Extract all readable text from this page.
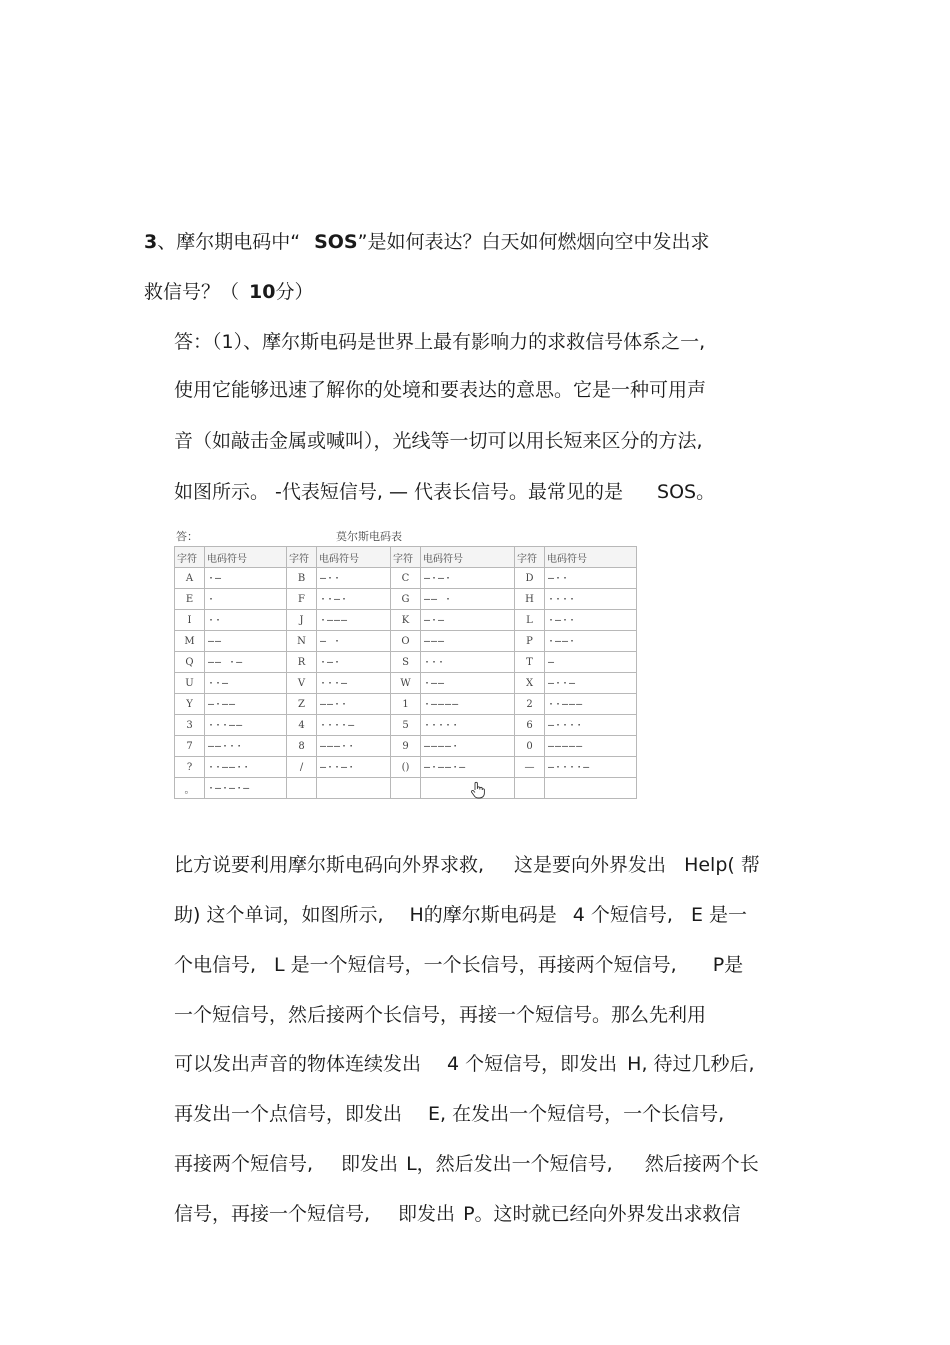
3、摩尔期电码中“ SOS”是如何表达？白天如何燃烟向空中发出求
救信号？（ 10分）
答：（1）、摩尔斯电码是世界上最有影响力的求救信号体系之一,
使用它能够迅速了解你的处境和要表达的意思。它是一种可用声
音（如敲击金属或喊叫），光线等一切可以用长短来区分的方法,
如图所示。 -代表短信号, — 代表长信号。最常见的是 SOS。
答：	莫尔斯电码表
字符	电码符号	字符	电码符号	字符	电码符号	字符	电码符号
A	·—	B	—··	C	—·—·	D	—··
E	·	F	··—·	G	—— ·	H	····
I	··	J	·———	K	—·—	L	·—··
M	——	N	— ·	O	———	P	·——·
Q	—— ·—	R	·—·	S	···	T	—
U	··—	V	···—	W	·——	X	—··—
Y	—·——	Z	——··	1	·————	2	··———
3	···——	4	····—	5	·····	6	—····
7	——···	8	———··	9	————·	0	—————
?	··——··	/	—··—·	()	—·——·—	—	—····—
。	·—·—·—						
比方说要利用摩尔斯电码向外界求救, 这是要向外界发出 Help( 帮
助) 这个单词，如图所示, H的摩尔斯电码是 4 个短信号, E 是一
个电信号, L 是一个短信号，一个长信号，再接两个短信号, P是
一个短信号，然后接两个长信号，再接一个短信号。那么先利用
可以发出声音的物体连续发出 4 个短信号，即发出 H, 待过几秒后,
再发出一个点信号，即发出 E, 在发出一个短信号，一个长信号,
再接两个短信号, 即发出 L，然后发出一个短信号, 然后接两个长
信号，再接一个短信号, 即发出 P。这时就已经向外界发出求救信
